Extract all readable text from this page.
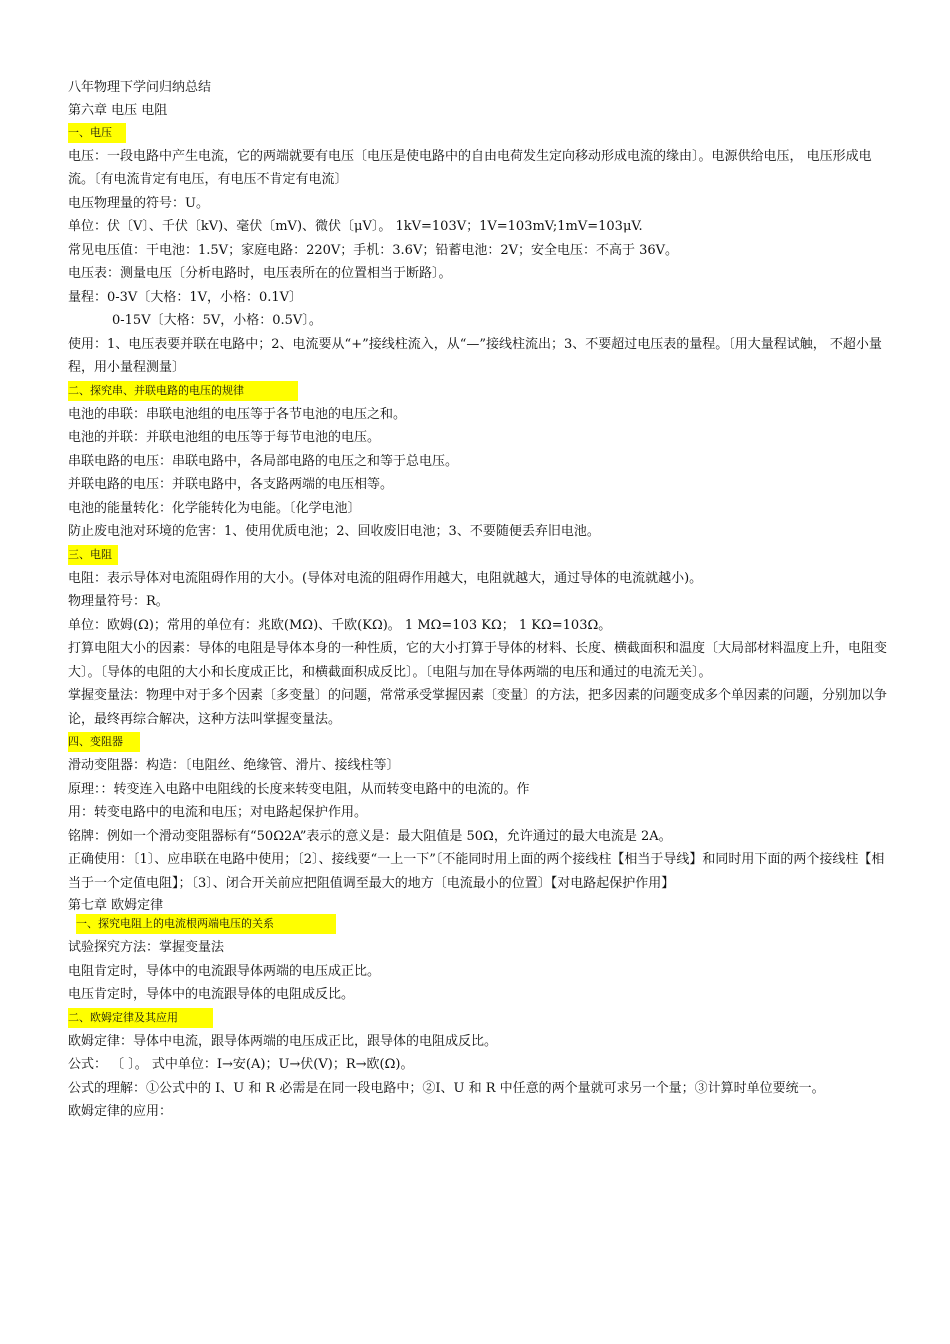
八年物理下学问归纳总结
第六章 电压 电阻
一、电压
电压：一段电路中产生电流，它的两端就要有电压〔电压是使电路中的自由电荷发生定向移动形成电流的缘由〕。电源供给电压， 电压形成电流。〔有电流肯定有电压，有电压不肯定有电流〕
电压物理量的符号：U。
单位：伏〔V〕、千伏〔kV)、毫伏〔mV)、微伏〔μV〕。 1kV=103V；1V=103mV;1mV=103μV.
常见电压值：干电池：1.5V；家庭电路：220V；手机：3.6V；铅蓄电池：2V；安全电压：不高于 36V。
电压表：测量电压〔分析电路时，电压表所在的位置相当于断路〕。
量程：0-3V〔大格：1V，小格：0.1V〕
0-15V〔大格：5V，小格：0.5V〕。
使用：1、电压表要并联在电路中；2、电流要从“+”接线柱流入，从“—”接线柱流出；3、不要超过电压表的量程。〔用大量程试触， 不超小量程，用小量程测量〕
二、探究串、并联电路的电压的规律
电池的串联：串联电池组的电压等于各节电池的电压之和。
电池的并联：并联电池组的电压等于每节电池的电压。
串联电路的电压：串联电路中，各局部电路的电压之和等于总电压。
并联电路的电压：并联电路中，各支路两端的电压相等。
电池的能量转化：化学能转化为电能。〔化学电池〕
防止废电池对环境的危害：1、使用优质电池；2、回收废旧电池；3、不要随便丢弃旧电池。
三、电阻
电阻：表示导体对电流阻碍作用的大小。(导体对电流的阻碍作用越大，电阻就越大，通过导体的电流就越小)。
物理量符号：R。
单位：欧姆(Ω)；常用的单位有：兆欧(MΩ)、千欧(KΩ)。 1 MΩ=103 KΩ； 1 KΩ=103Ω。
打算电阻大小的因素：导体的电阻是导体本身的一种性质，它的大小打算于导体的材料、长度、横截面积和温度〔大局部材料温度上升，电阻变大〕。〔导体的电阻的大小和长度成正比，和横截面积成反比〕。〔电阻与加在导体两端的电压和通过的电流无关〕。
掌握变量法：物理中对于多个因素〔多变量〕的问题，常常承受掌握因素〔变量〕的方法，把多因素的问题变成多个单因素的问题，分别加以争论，最终再综合解决，这种方法叫掌握变量法。
四、变阻器
滑动变阻器：构造：〔电阻丝、绝缘管、滑片、接线柱等〕
原理：：转变连入电路中电阻线的长度来转变电阻，从而转变电路中的电流的。作
用：转变电路中的电流和电压；对电路起保护作用。
铭牌：例如一个滑动变阻器标有“50Ω2A”表示的意义是：最大阻值是 50Ω，允许通过的最大电流是 2A。
正确使用：〔1〕、应串联在电路中使用；〔2〕、接线要“一上一下”〔不能同时用上面的两个接线柱【相当于导线】和同时用下面的两个接线柱【相当于一个定值电阻】；〔3〕、闭合开关前应把阻值调至最大的地方〔电流最小的位置〕【对电路起保护作用】
第七章 欧姆定律
一、探究电阻上的电流根两端电压的关系
试验探究方法：掌握变量法
电阻肯定时，导体中的电流跟导体两端的电压成正比。
电压肯定时，导体中的电流跟导体的电阻成反比。
二、欧姆定律及其应用
欧姆定律：导体中电流，跟导体两端的电压成正比，跟导体的电阻成反比。
公式： 〔 〕。 式中单位：I→安(A)；U→伏(V)；R→欧(Ω)。
公式的理解：①公式中的 I、U 和 R 必需是在同一段电路中；②I、U 和 R 中任意的两个量就可求另一个量；③计算时单位要统一。
欧姆定律的应用：
